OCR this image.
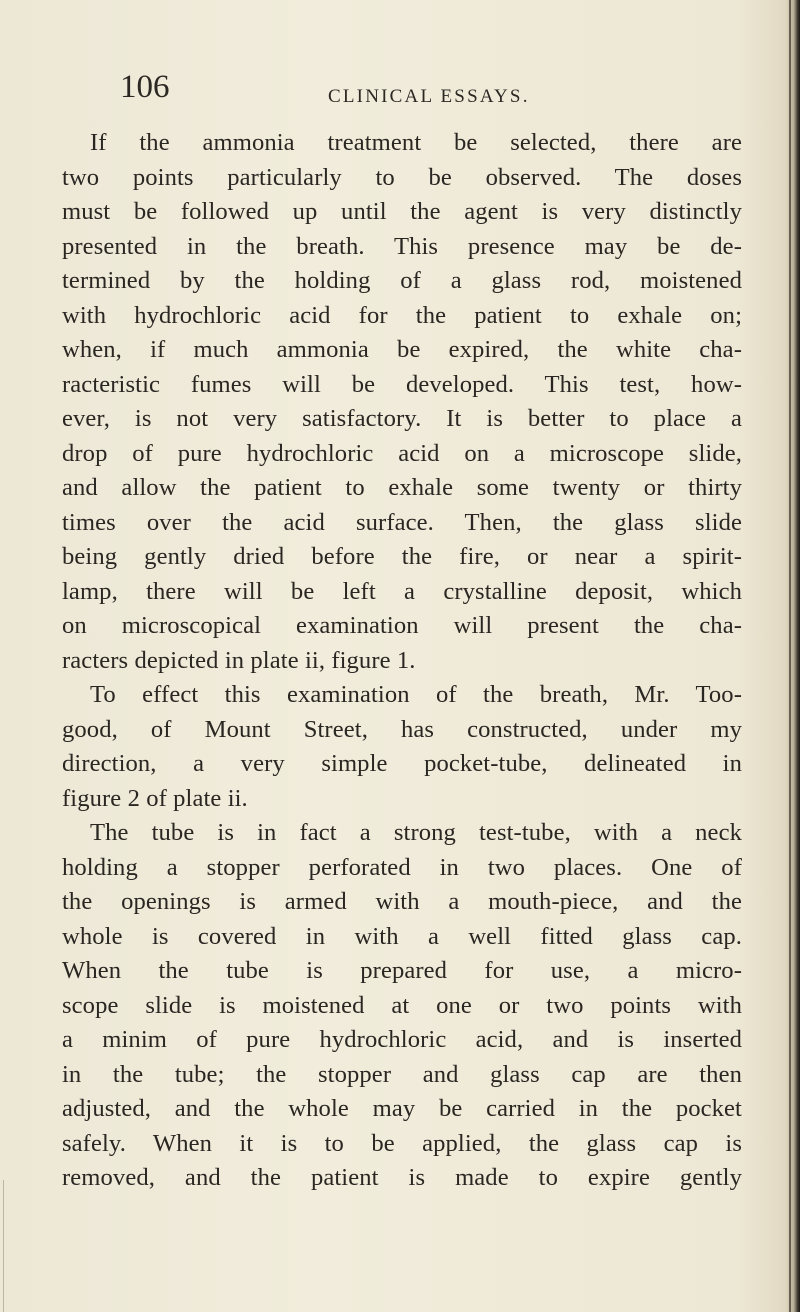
106	CLINICAL ESSAYS.
If the ammonia treatment be selected, there are
two points particularly to be observed. The doses
must be followed up until the agent is very distinctly
presented in the breath. This presence may be de-
termined by the holding of a glass rod, moistened
with hydrochloric acid for the patient to exhale on;
when, if much ammonia be expired, the white cha-
racteristic fumes will be developed. This test, how-
ever, is not very satisfactory. It is better to place a
drop of pure hydrochloric acid on a microscope slide,
and allow the patient to exhale some twenty or thirty
times over the acid surface. Then, the glass slide
being gently dried before the fire, or near a spirit-
lamp, there will be left a crystalline deposit, which
on microscopical examination will present the cha-
racters depicted in plate ii, figure 1.
To effect this examination of the breath, Mr. Too-
good, of Mount Street, has constructed, under my
direction, a very simple pocket-tube, delineated in
figure 2 of plate ii.
The tube is in fact a strong test-tube, with a neck
holding a stopper perforated in two places. One of
the openings is armed with a mouth-piece, and the
whole is covered in with a well fitted glass cap.
When the tube is prepared for use, a micro-
scope slide is moistened at one or two points with
a minim of pure hydrochloric acid, and is inserted
in the tube; the stopper and glass cap are then
adjusted, and the whole may be carried in the pocket
safely. When it is to be applied, the glass cap is
removed, and the patient is made to expire gently
